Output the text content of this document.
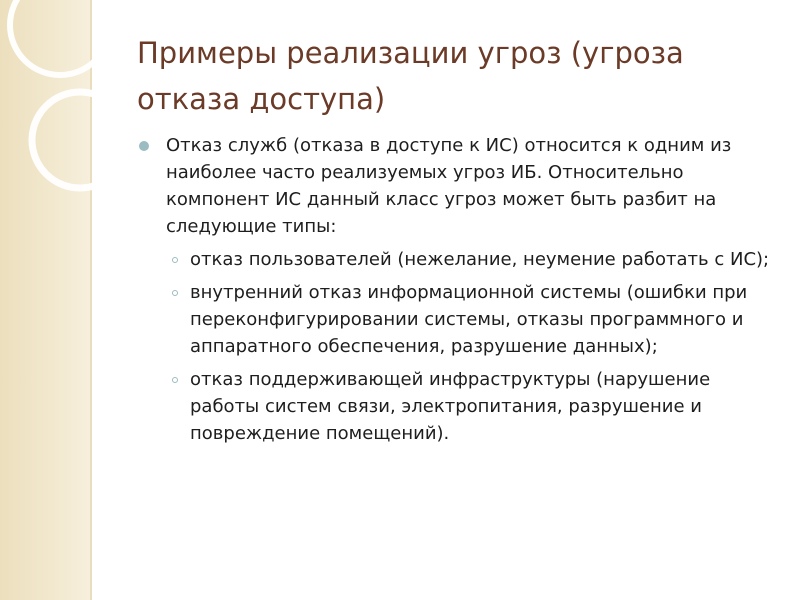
Примеры реализации угроз (угроза отказа доступа)

Отказ служб (отказа в доступе к ИС) относится к одним из наиболее часто реализуемых угроз ИБ. Относительно компонент ИС данный класс угроз может быть разбит на следующие типы:

отказ пользователей (нежелание, неумение работать с ИС);
внутренний отказ информационной системы (ошибки при переконфигурировании системы, отказы программного и аппаратного обеспечения, разрушение данных);
отказ поддерживающей инфраструктуры (нарушение работы систем связи, электропитания, разрушение и повреждение помещений).
